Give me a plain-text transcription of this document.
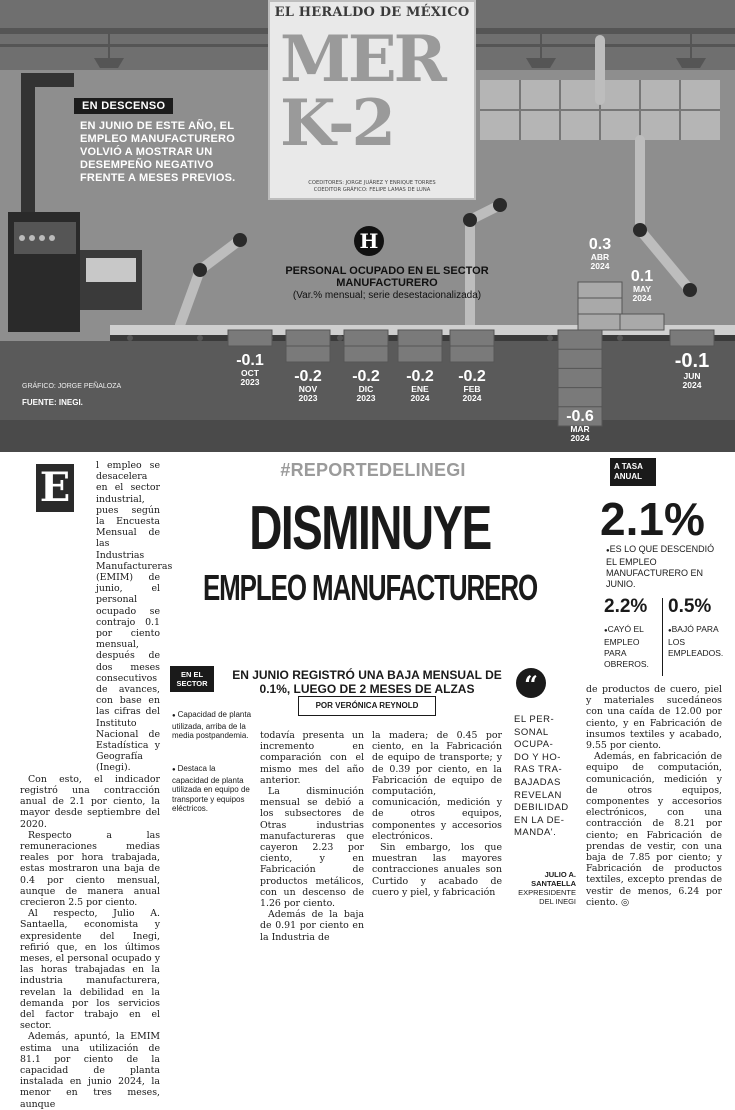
EL HERALDO DE MÉXICO
MER
K-2
COEDITORES: JORGE JUÁREZ Y ENRIQUE TORRES
COEDITOR GRÁFICO: FELIPE LAMAS DE LUNA
H
EN DESCENSO
EN JUNIO DE ESTE AÑO, EL EMPLEO MANUFACTURERO VOLVIÓ A MOSTRAR UN DESEMPEÑO NEGATIVO FRENTE A MESES PREVIOS.
PERSONAL OCUPADO EN EL SECTOR MANUFACTURERO
(Var.% mensual; serie desestacionalizada)
GRÁFICO: JORGE PEÑALOZA
FUENTE: INEGI.
-0.1
OCT
2023	-0.2
NOV
2023
-0.2
DIC
2023
-0.2
ENE
2024
-0.2
FEB
2024
-0.6
MAR
2024
0.3
ABR
2024
0.1
MAY
2024
-0.1
JUN
2024
E	l empleo se desacelera en el sector industrial, pues según la Encuesta Mensual de las Industrias Manufactureras (EMIM) de junio, el personal ocupado se contrajo 0.1 por ciento mensual, después de dos meses consecutivos de avances, con base en las cifras del Instituto Nacional de Estadística y Geografía (Inegi).

Con esto, el indicador registró una contracción anual de 2.1 por ciento, la mayor desde septiembre del 2020.

Respecto a las remuneraciones medias reales por hora trabajada, estas mostraron una baja de 0.4 por ciento mensual, aunque de manera anual crecieron 2.5 por ciento.

Al respecto, Julio A. Santaella, economista y expresidente del Inegi, refirió que, en los últimos meses, el personal ocupado y las horas trabajadas en la industria manufacturera, revelan la debilidad en la demanda por los servicios del factor trabajo en el sector.

Además, apuntó, la EMIM estima una utilización de 81.1 por ciento de la capacidad de planta instalada en junio 2024, la menor en tres meses, aunque

#REPORTEDELINEGI
DISMINUYE
EMPLEO MANUFACTURERO
EN EL SECTOR
● Capacidad de planta utilizada, arriba de la media postpandemia.
● Destaca la capacidad de planta utilizada en equipo de transporte y equipos eléctricos.
EN JUNIO REGISTRÓ UNA BAJA MENSUAL DE 0.1%, LUEGO DE 2 MESES DE ALZAS
POR VERÓNICA REYNOLD

todavía presenta un incremento en comparación con el mismo mes del año anterior.

La disminución mensual se debió a los subsectores de Otras industrias manufactureras que cayeron 2.23 por ciento, y en Fabricación de productos metálicos, con un descenso de 1.26 por ciento.

Además de la baja de 0.91 por ciento en la Industria de

la madera; de 0.45 por ciento, en la Fabricación de equipo de transporte; y de 0.39 por ciento, en la Fabricación de equipo de computación, comunicación, medición y de otros equipos, componentes y accesorios electrónicos.

Sin embargo, los que muestran las mayores contracciones anuales son Curtido y acabado de cuero y piel, y fabricación

“
EL PER-
SONAL
OCUPA-
DO Y HO-
RAS TRA-
BAJADAS
REVELAN
DEBILIDAD
EN LA DE-
MANDA'.
JULIO A. SANTAELLA
EXPRESIDENTE DEL INEGI

de productos de cuero, piel y materiales sucedáneos con una caída de 12.00 por ciento, y en Fabricación de insumos textiles y acabado, 9.55 por ciento.

Además, en fabricación de equipo de computación, comunicación, medición y de otros equipos, componentes y accesorios electrónicos, con una contracción de 8.21 por ciento; en Fabricación de prendas de vestir, con una baja de 7.85 por ciento; y Fabricación de productos textiles, excepto prendas de vestir de menos, 6.24 por ciento. ◎

A TASA ANUAL
2.1%
● ES LO QUE DESCENDIÓ EL EMPLEO MANUFACTURERO EN JUNIO.
2.2% 0.5%
● CAYÓ EL EMPLEO PARA OBREROS.
● BAJÓ PARA LOS EMPLEADOS.
